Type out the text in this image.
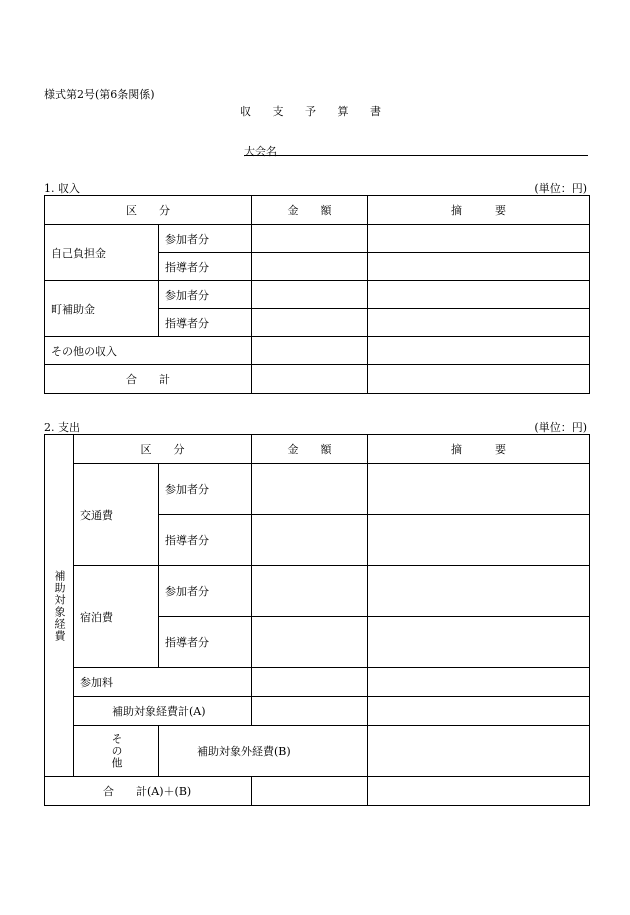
様式第2号(第6条関係)
収 支 予 算 書
大会名
1. 収入	(単位：円)
区　　分		金　　額	摘　　　要
自己負担金	参加者分		
	指導者分		
町補助金	参加者分		
	指導者分		
その他の収入			
合　　計			
2. 支出	(単位：円)
補助対象経費	区　　分		金　　額	摘　　　要	
	交通費	参加者分			
		指導者分			
	宿泊費	参加者分			
		指導者分			
	参加料				
	補助対象経費計(A)				

	その他	補助対象外経費(B)			
合　　計(A)＋(B)					
